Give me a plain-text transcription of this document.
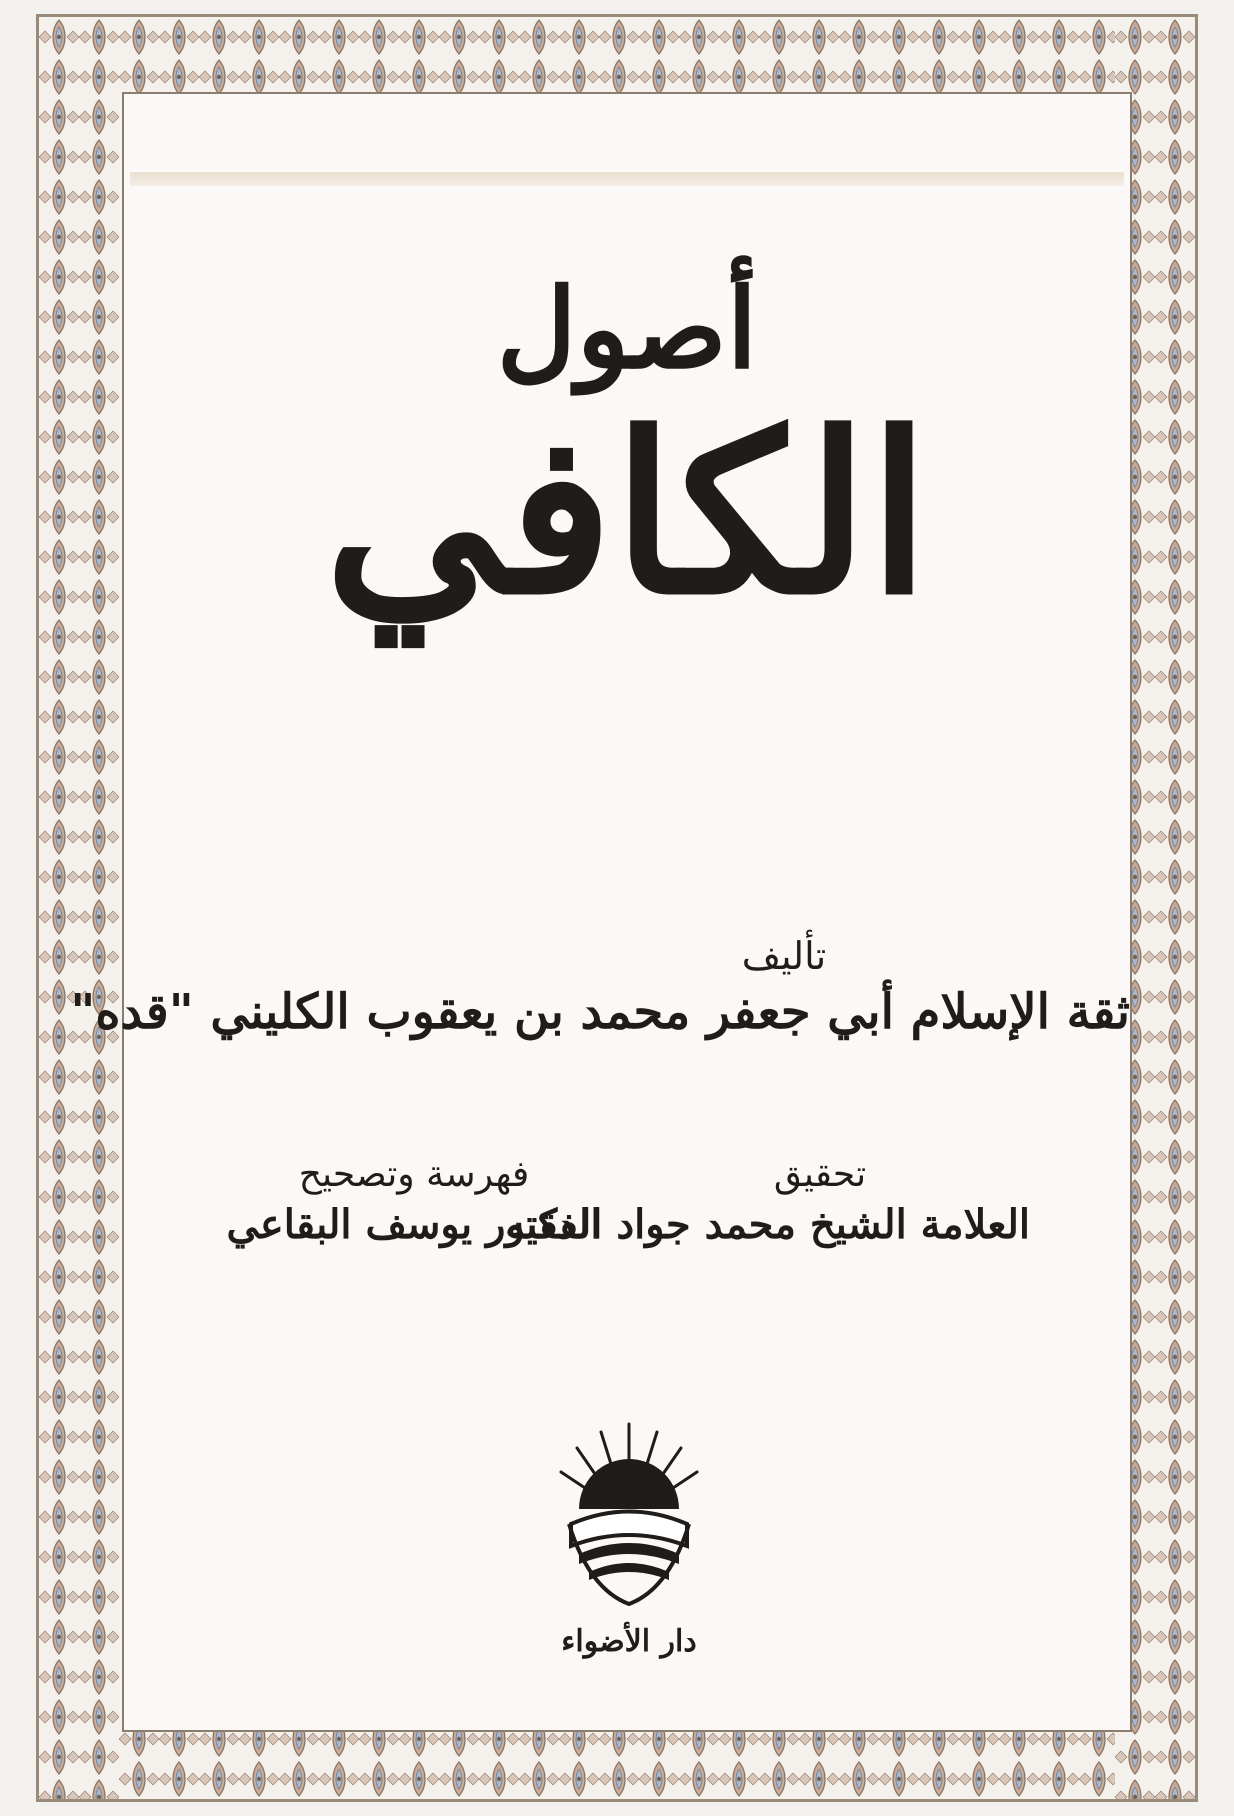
أصول
الكافي
تأليف
ثقة الإسلام أبي جعفر محمد بن يعقوب الكليني "قده"
تحقيق
العلامة الشيخ محمد جواد الفقيه
فهرسة وتصحيح
الدكتور يوسف البقاعي
دار الأضواء
